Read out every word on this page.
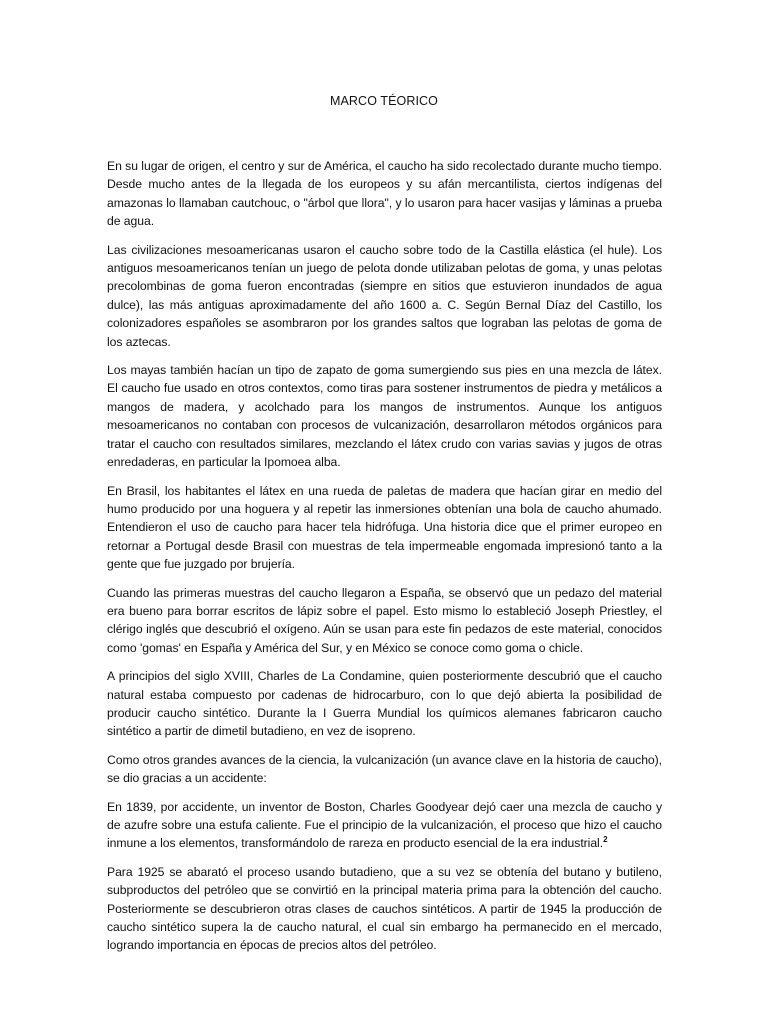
MARCO TÉORICO

En su lugar de origen, el centro y sur de América, el caucho ha sido recolectado durante mucho tiempo. Desde mucho antes de la llegada de los europeos y su afán mercantilista, ciertos indígenas del amazonas lo llamaban cautchouc, o "árbol que llora", y lo usaron para hacer vasijas y láminas a prueba de agua.

Las civilizaciones mesoamericanas usaron el caucho sobre todo de la Castilla elástica (el hule). Los antiguos mesoamericanos tenían un juego de pelota donde utilizaban pelotas de goma, y unas pelotas precolombinas de goma fueron encontradas (siempre en sitios que estuvieron inundados de agua dulce), las más antiguas aproximadamente del año 1600 a. C. Según Bernal Díaz del Castillo, los colonizadores españoles se asombraron por los grandes saltos que lograban las pelotas de goma de los aztecas.

Los mayas también hacían un tipo de zapato de goma sumergiendo sus pies en una mezcla de látex. El caucho fue usado en otros contextos, como tiras para sostener instrumentos de piedra y metálicos a mangos de madera, y acolchado para los mangos de instrumentos. Aunque los antiguos mesoamericanos no contaban con procesos de vulcanización, desarrollaron métodos orgánicos para tratar el caucho con resultados similares, mezclando el látex crudo con varias savias y jugos de otras enredaderas, en particular la Ipomoea alba.

En Brasil, los habitantes el látex en una rueda de paletas de madera que hacían girar en medio del humo producido por una hoguera y al repetir las inmersiones obtenían una bola de caucho ahumado. Entendieron el uso de caucho para hacer tela hidrófuga. Una historia dice que el primer europeo en retornar a Portugal desde Brasil con muestras de tela impermeable engomada impresionó tanto a la gente que fue juzgado por brujería.

Cuando las primeras muestras del caucho llegaron a España, se observó que un pedazo del material era bueno para borrar escritos de lápiz sobre el papel. Esto mismo lo estableció Joseph Priestley, el clérigo inglés que descubrió el oxígeno. Aún se usan para este fin pedazos de este material, conocidos como 'gomas' en España y América del Sur, y en México se conoce como goma o chicle.

A principios del siglo XVIII, Charles de La Condamine, quien posteriormente descubrió que el caucho natural estaba compuesto por cadenas de hidrocarburo, con lo que dejó abierta la posibilidad de producir caucho sintético. Durante la I Guerra Mundial los químicos alemanes fabricaron caucho sintético a partir de dimetil butadieno, en vez de isopreno.

Como otros grandes avances de la ciencia, la vulcanización (un avance clave en la historia de caucho), se dio gracias a un accidente:

En 1839, por accidente, un inventor de Boston, Charles Goodyear dejó caer una mezcla de caucho y de azufre sobre una estufa caliente. Fue el principio de la vulcanización, el proceso que hizo el caucho inmune a los elementos, transformándolo de rareza en producto esencial de la era industrial.$^2$

Para 1925 se abarató el proceso usando butadieno, que a su vez se obtenía del butano y butileno, subproductos del petróleo que se convirtió en la principal materia prima para la obtención del caucho. Posteriormente se descubrieron otras clases de cauchos sintéticos. A partir de 1945 la producción de caucho sintético supera la de caucho natural, el cual sin embargo ha permanecido en el mercado, logrando importancia en épocas de precios altos del petróleo.
